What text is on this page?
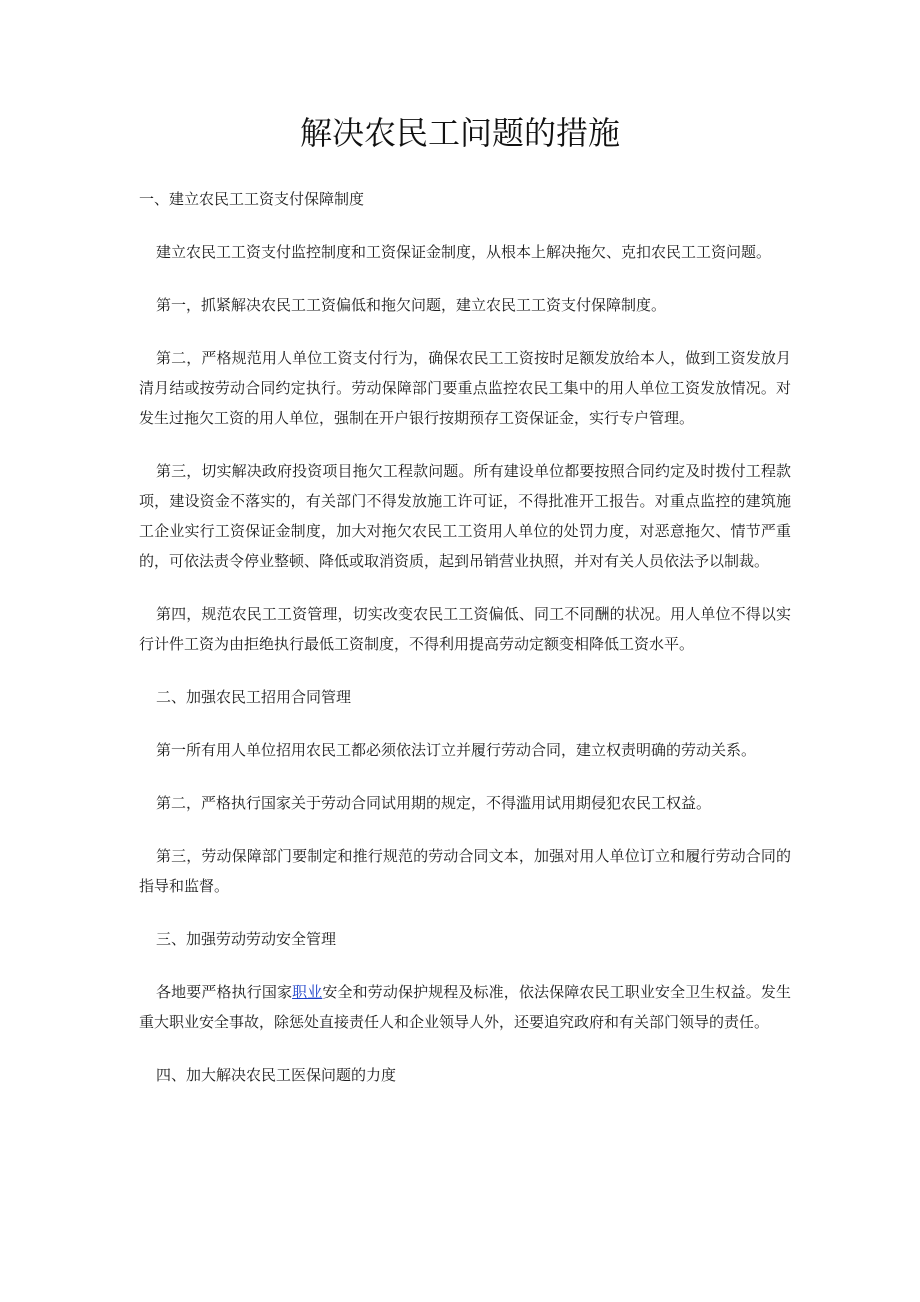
解决农民工问题的措施

一、建立农民工工资支付保障制度

建立农民工工资支付监控制度和工资保证金制度，从根本上解决拖欠、克扣农民工工资问题。

第一，抓紧解决农民工工资偏低和拖欠问题，建立农民工工资支付保障制度。

第二，严格规范用人单位工资支付行为，确保农民工工资按时足额发放给本人，做到工资发放月清月结或按劳动合同约定执行。劳动保障部门要重点监控农民工集中的用人单位工资发放情况。对发生过拖欠工资的用人单位，强制在开户银行按期预存工资保证金，实行专户管理。

第三，切实解决政府投资项目拖欠工程款问题。所有建设单位都要按照合同约定及时拨付工程款项，建设资金不落实的，有关部门不得发放施工许可证，不得批准开工报告。对重点监控的建筑施工企业实行工资保证金制度，加大对拖欠农民工工资用人单位的处罚力度，对恶意拖欠、情节严重的，可依法责令停业整顿、降低或取消资质，起到吊销营业执照，并对有关人员依法予以制裁。

第四，规范农民工工资管理，切实改变农民工工资偏低、同工不同酬的状况。用人单位不得以实行计件工资为由拒绝执行最低工资制度，不得利用提高劳动定额变相降低工资水平。

二、加强农民工招用合同管理

第一所有用人单位招用农民工都必须依法订立并履行劳动合同，建立权责明确的劳动关系。

第二，严格执行国家关于劳动合同试用期的规定，不得滥用试用期侵犯农民工权益。

第三，劳动保障部门要制定和推行规范的劳动合同文本，加强对用人单位订立和履行劳动合同的指导和监督。

三、加强劳动劳动安全管理

各地要严格执行国家职业安全和劳动保护规程及标准，依法保障农民工职业安全卫生权益。发生重大职业安全事故，除惩处直接责任人和企业领导人外，还要追究政府和有关部门领导的责任。

四、加大解决农民工医保问题的力度
